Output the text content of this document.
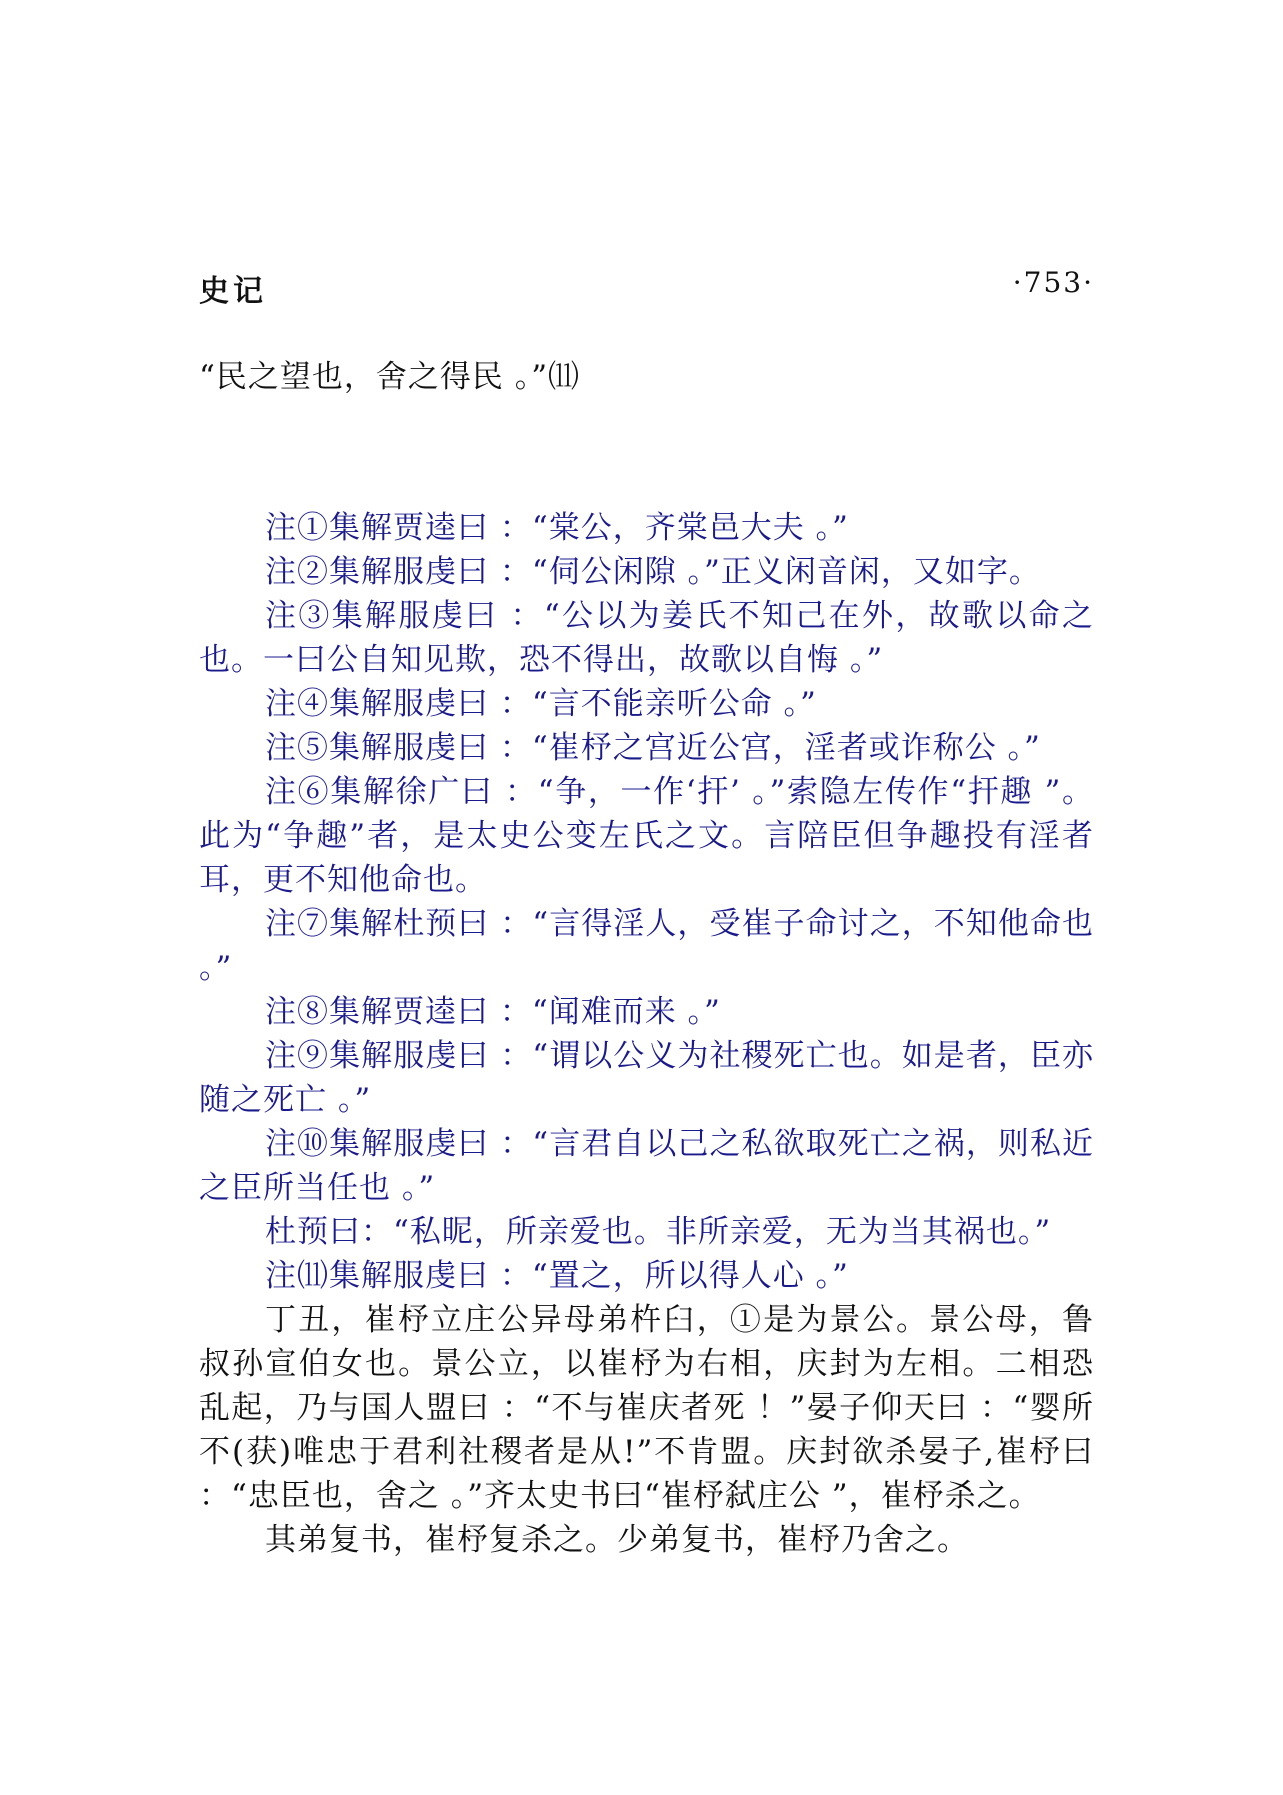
史记	·753·

“民之望也，舍之得民 。”⑾

注①集解贾逵曰 ：“棠公，齐棠邑大夫 。”

注②集解服虔曰 ：“伺公闲隙 。”正义闲音闲，又如字。

注③集解服虔曰 ：“公以为姜氏不知己在外，故歌以命之也。一曰公自知见欺，恐不得出，故歌以自悔 。”

注④集解服虔曰 ：“言不能亲听公命 。”

注⑤集解服虔曰 ：“崔杼之宫近公宫，淫者或诈称公 。”

注⑥集解徐广曰 ：“争，一作‘扞’ 。”索隐左传作“扞趣 ”。此为“争趣”者，是太史公变左氏之文。言陪臣但争趣投有淫者耳，更不知他命也。

注⑦集解杜预曰 ：“言得淫人，受崔子命讨之，不知他命也 。”

注⑧集解贾逵曰 ：“闻难而来 。”

注⑨集解服虔曰 ：“谓以公义为社稷死亡也。如是者，臣亦随之死亡 。”

注⑩集解服虔曰 ：“言君自以己之私欲取死亡之祸，则私近之臣所当任也 。”

杜预曰：“私昵，所亲爱也。非所亲爱，无为当其祸也。”

注⑾集解服虔曰 ：“置之，所以得人心 。”

丁丑，崔杼立庄公异母弟杵臼，①是为景公。景公母，鲁叔孙宣伯女也。景公立，以崔杼为右相，庆封为左相。二相恐乱起，乃与国人盟曰 ：“不与崔庆者死 ！”晏子仰天曰 ：“婴所不(获)唯忠于君利社稷者是从!”不肯盟。庆封欲杀晏子,崔杼曰 ：“忠臣也，舍之 。”齐太史书曰“崔杼弑庄公 ”，崔杼杀之。

其弟复书，崔杼复杀之。少弟复书，崔杼乃舍之。
